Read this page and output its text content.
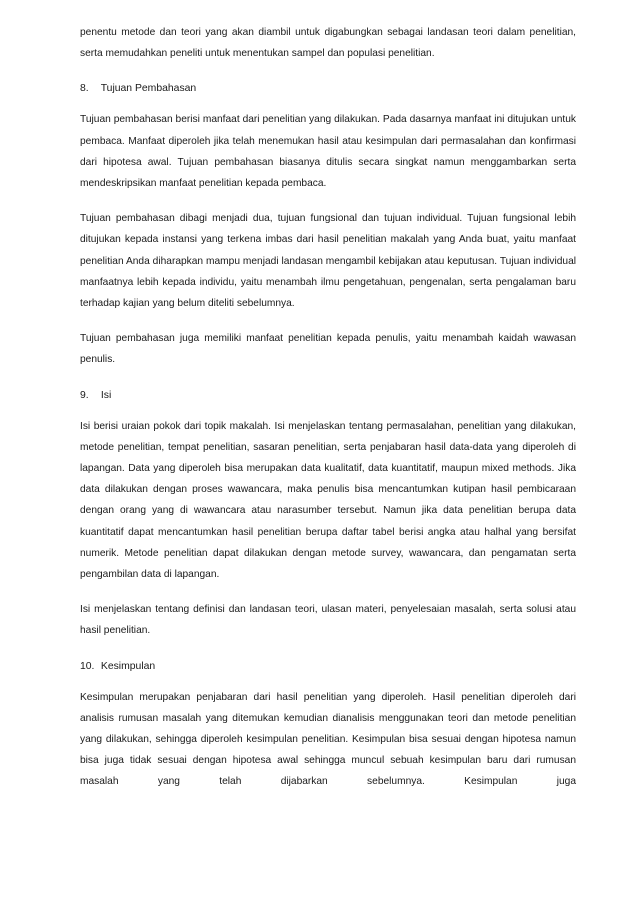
penentu metode dan teori yang akan diambil untuk digabungkan sebagai landasan teori dalam penelitian, serta memudahkan peneliti untuk menentukan sampel dan populasi penelitian.

8. Tujuan Pembahasan

Tujuan pembahasan berisi manfaat dari penelitian yang dilakukan. Pada dasarnya manfaat ini ditujukan untuk pembaca. Manfaat diperoleh jika telah menemukan hasil atau kesimpulan dari permasalahan dan konfirmasi dari hipotesa awal. Tujuan pembahasan biasanya ditulis secara singkat namun menggambarkan serta mendeskripsikan manfaat penelitian kepada pembaca.

Tujuan pembahasan dibagi menjadi dua, tujuan fungsional dan tujuan individual. Tujuan fungsional lebih ditujukan kepada instansi yang terkena imbas dari hasil penelitian makalah yang Anda buat, yaitu manfaat penelitian Anda diharapkan mampu menjadi landasan mengambil kebijakan atau keputusan. Tujuan individual manfaatnya lebih kepada individu, yaitu menambah ilmu pengetahuan, pengenalan, serta pengalaman baru terhadap kajian yang belum diteliti sebelumnya.

Tujuan pembahasan juga memiliki manfaat penelitian kepada penulis, yaitu menambah kaidah wawasan penulis.

9. Isi

Isi berisi uraian pokok dari topik makalah. Isi menjelaskan tentang permasalahan, penelitian yang dilakukan, metode penelitian, tempat penelitian, sasaran penelitian, serta penjabaran hasil data-data yang diperoleh di lapangan. Data yang diperoleh bisa merupakan data kualitatif, data kuantitatif, maupun mixed methods. Jika data dilakukan dengan proses wawancara, maka penulis bisa mencantumkan kutipan hasil pembicaraan dengan orang yang di wawancara atau narasumber tersebut. Namun jika data penelitian berupa data kuantitatif dapat mencantumkan hasil penelitian berupa daftar tabel berisi angka atau halhal yang bersifat numerik. Metode penelitian dapat dilakukan dengan metode survey, wawancara, dan pengamatan serta pengambilan data di lapangan.

Isi menjelaskan tentang definisi dan landasan teori, ulasan materi, penyelesaian masalah, serta solusi atau hasil penelitian.

10. Kesimpulan

Kesimpulan merupakan penjabaran dari hasil penelitian yang diperoleh. Hasil penelitian diperoleh dari analisis rumusan masalah yang ditemukan kemudian dianalisis menggunakan teori dan metode penelitian yang dilakukan, sehingga diperoleh kesimpulan penelitian. Kesimpulan bisa sesuai dengan hipotesa namun bisa juga tidak sesuai dengan hipotesa awal sehingga muncul sebuah kesimpulan baru dari rumusan masalah yang telah dijabarkan sebelumnya. Kesimpulan juga
